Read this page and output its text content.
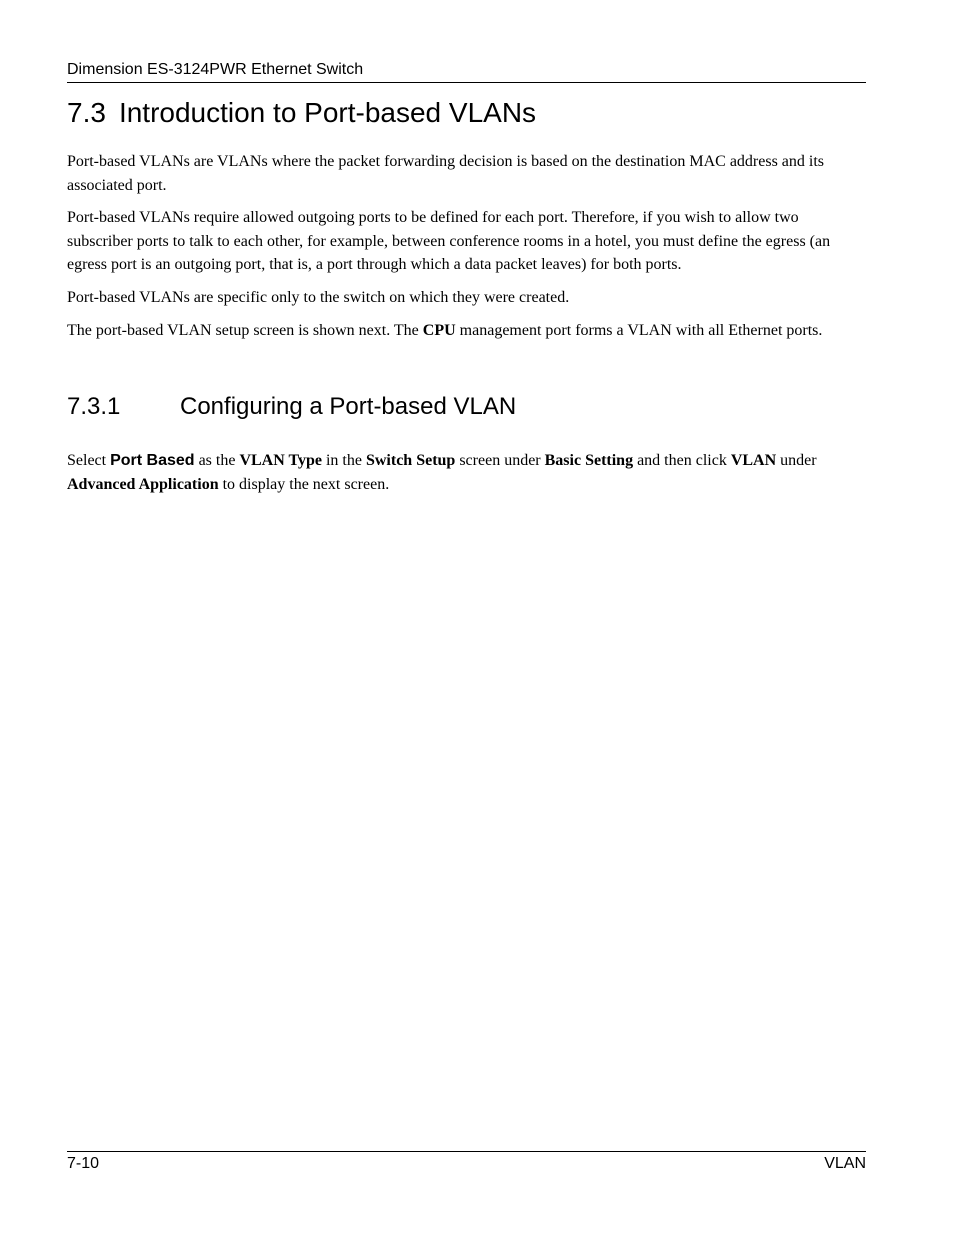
Dimension ES-3124PWR Ethernet Switch
7.3 Introduction to Port-based VLANs

Port-based VLANs are VLANs where the packet forwarding decision is based on the destination MAC address and its associated port.

Port-based VLANs require allowed outgoing ports to be defined for each port. Therefore, if you wish to allow two subscriber ports to talk to each other, for example, between conference rooms in a hotel, you must define the egress (an egress port is an outgoing port, that is, a port through which a data packet leaves) for both ports.

Port-based VLANs are specific only to the switch on which they were created.

The port-based VLAN setup screen is shown next. The CPU management port forms a VLAN with all Ethernet ports.

7.3.1 Configuring a Port-based VLAN

Select Port Based as the VLAN Type in the Switch Setup screen under Basic Setting and then click VLAN under Advanced Application to display the next screen.

7-10	VLAN
